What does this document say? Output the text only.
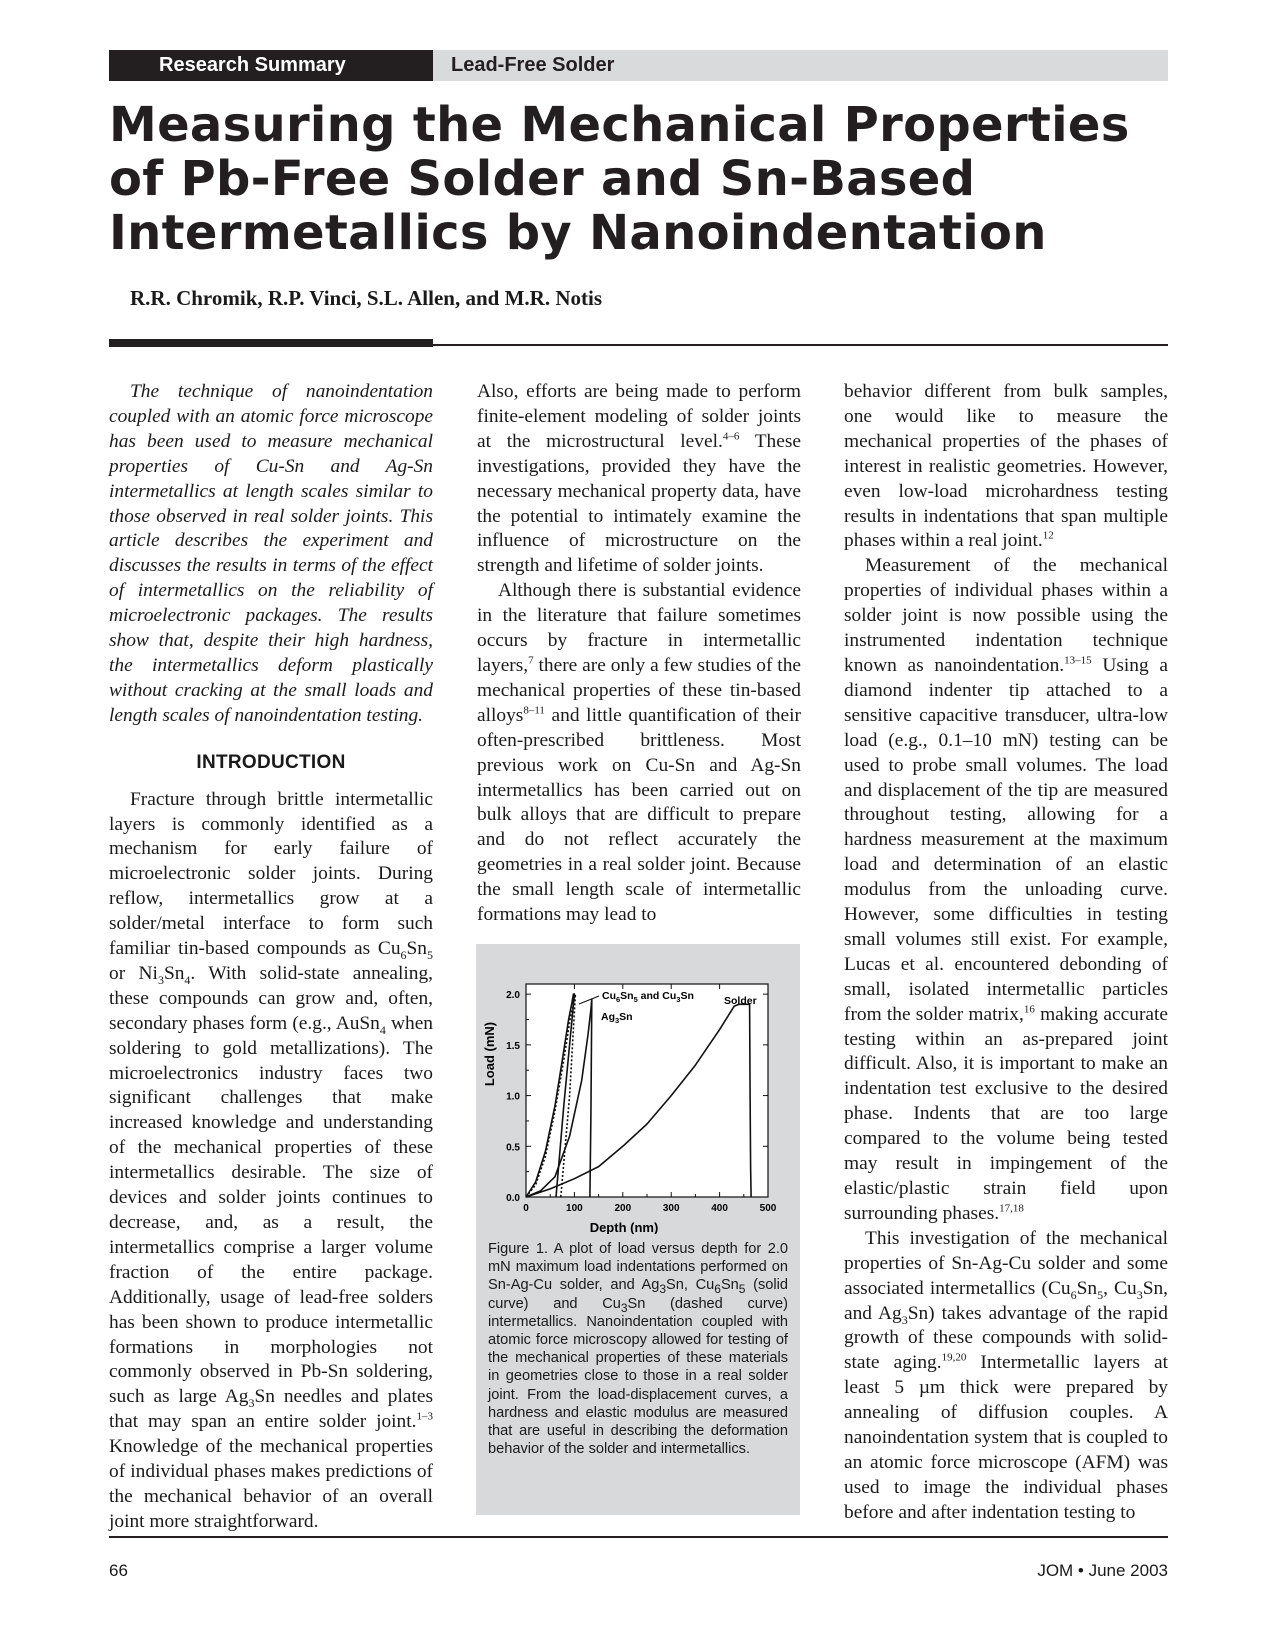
Research Summary	Lead-Free Solder
Measuring the Mechanical Properties
of Pb-Free Solder and Sn-Based
Intermetallics by Nanoindentation
R.R. Chromik, R.P. Vinci, S.L. Allen, and M.R. Notis

The technique of nanoindentation coupled with an atomic force microscope has been used to measure mechanical properties of Cu-Sn and Ag-Sn intermetallics at length scales similar to those observed in real solder joints. This article describes the experiment and discusses the results in terms of the effect of intermetallics on the reliability of microelectronic packages. The results show that, despite their high hardness, the intermetallics deform plastically without cracking at the small loads and length scales of nanoindentation testing.

INTRODUCTION

Fracture through brittle intermetallic layers is commonly identified as a mechanism for early failure of microelectronic solder joints. During reflow, intermetallics grow at a solder/metal interface to form such familiar tin-based compounds as $Cu_6Sn_5$ or $Ni_3Sn_4$. With solid-state annealing, these compounds can grow and, often, secondary phases form (e.g., AuSn$_4$ when soldering to gold metallizations). The microelectronics industry faces two significant challenges that make increased knowledge and understanding of the mechanical properties of these intermetallics desirable. The size of devices and solder joints continues to decrease, and, as a result, the intermetallics comprise a larger volume fraction of the entire package. Additionally, usage of lead-free solders has been shown to produce intermetallic formations in morphologies not commonly observed in Pb-Sn soldering, such as large $Ag_3Sn$ needles and plates that may span an entire solder joint.$^{1-3}$ Knowledge of the mechanical properties of individual phases makes predictions of the mechanical behavior of an overall joint more straightforward.

Also, efforts are being made to perform finite-element modeling of solder joints at the microstructural level.$^{4-6}$ These investigations, provided they have the necessary mechanical property data, have the potential to intimately examine the influence of microstructure on the strength and lifetime of solder joints.

Although there is substantial evidence in the literature that failure sometimes occurs by fracture in intermetallic layers,$^7$ there are only a few studies of the mechanical properties of these tin-based alloys$^{8-11}$ and little quantification of their often-prescribed brittleness. Most previous work on Cu-Sn and Ag-Sn intermetallics has been carried out on bulk alloys that are difficult to prepare and do not reflect accurately the geometries in a real solder joint. Because the small length scale of intermetallic formations may lead to

0.0
0.5
1.0
1.5
2.0
0	100	200	300	400	500
Load (mN)
Depth (nm)
$Cu_6Sn_5$ and $Cu_3Sn$
$Ag_3Sn$
Solder

Figure 1. A plot of load versus depth for 2.0 mN maximum load indentations performed on Sn-Ag-Cu solder, and $Ag_3Sn$, $Cu_6Sn_5$ (solid curve) and $Cu_3Sn$ (dashed curve) intermetallics. Nanoindentation coupled with atomic force microscopy allowed for testing of the mechanical properties of these materials in geometries close to those in a real solder joint. From the load-displacement curves, a hardness and elastic modulus are measured that are useful in describing the deformation behavior of the solder and intermetallics.

behavior different from bulk samples, one would like to measure the mechanical properties of the phases of interest in realistic geometries. However, even low-load microhardness testing results in indentations that span multiple phases within a real joint.$^{12}$

Measurement of the mechanical properties of individual phases within a solder joint is now possible using the instrumented indentation technique known as nanoindentation.$^{13-15}$ Using a diamond indenter tip attached to a sensitive capacitive transducer, ultra-low load (e.g., 0.1–10 mN) testing can be used to probe small volumes. The load and displacement of the tip are measured throughout testing, allowing for a hardness measurement at the maximum load and determination of an elastic modulus from the unloading curve. However, some difficulties in testing small volumes still exist. For example, Lucas et al. encountered debonding of small, isolated intermetallic particles from the solder matrix,$^{16}$ making accurate testing within an as-prepared joint difficult. Also, it is important to make an indentation test exclusive to the desired phase. Indents that are too large compared to the volume being tested may result in impingement of the elastic/plastic strain field upon surrounding phases.$^{17,18}$

This investigation of the mechanical properties of Sn-Ag-Cu solder and some associated intermetallics ($Cu_6Sn_5$, $Cu_3Sn$, and $Ag_3Sn$) takes advantage of the rapid growth of these compounds with solid-state aging.$^{19,20}$ Intermetallic layers at least 5 µm thick were prepared by annealing of diffusion couples. A nanoindentation system that is coupled to an atomic force microscope (AFM) was used to image the individual phases before and after indentation testing to

66	JOM • June 2003
